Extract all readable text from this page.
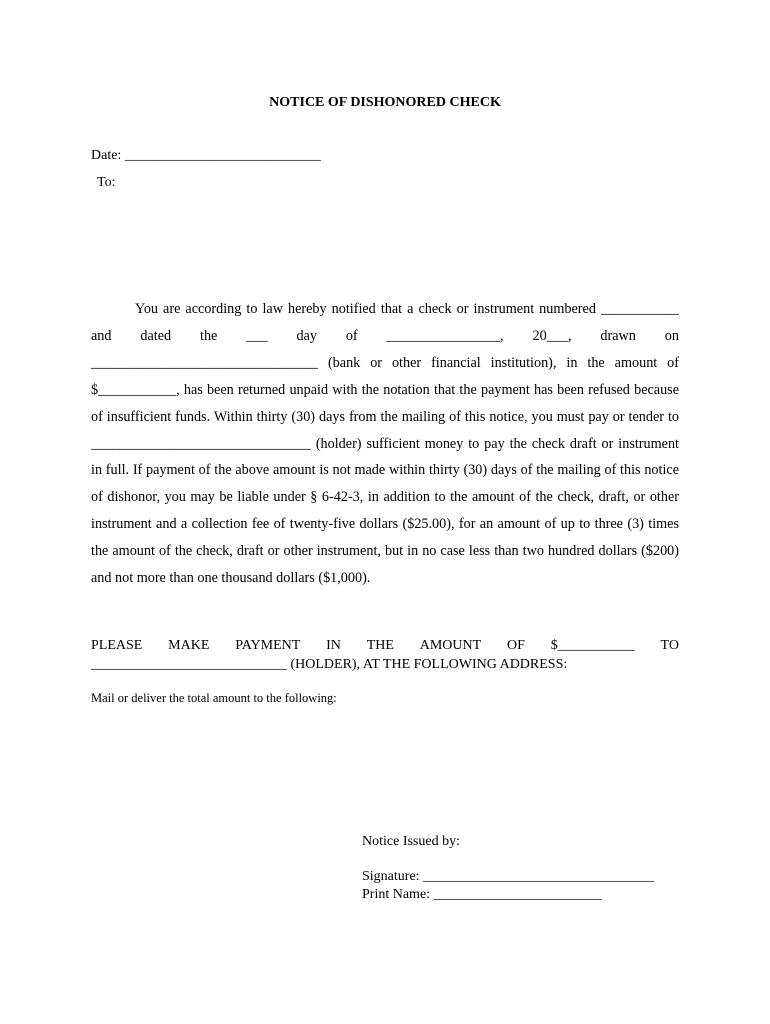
NOTICE OF DISHONORED CHECK
Date: ____________________________
To:
You are according to law hereby notified that a check or instrument numbered ___________ and dated the ___ day of ________________, 20___, drawn on ________________________________ (bank or other financial institution), in the amount of $___________, has been returned unpaid with the notation that the payment has been refused because of insufficient funds. Within thirty (30) days from the mailing of this notice, you must pay or tender to _______________________________ (holder) sufficient money to pay the check draft or instrument in full. If payment of the above amount is not made within thirty (30) days of the mailing of this notice of dishonor, you may be liable under § 6-42-3, in addition to the amount of the check, draft, or other instrument and a collection fee of twenty-five dollars ($25.00), for an amount of up to three (3) times the amount of the check, draft or other instrument, but in no case less than two hundred dollars ($200) and not more than one thousand dollars ($1,000).
PLEASE MAKE PAYMENT IN THE AMOUNT OF $___________ TO
____________________________ (HOLDER), AT THE FOLLOWING ADDRESS:
Mail or deliver the total amount to the following:
Notice Issued by:
Signature: _________________________________
Print Name: ________________________
